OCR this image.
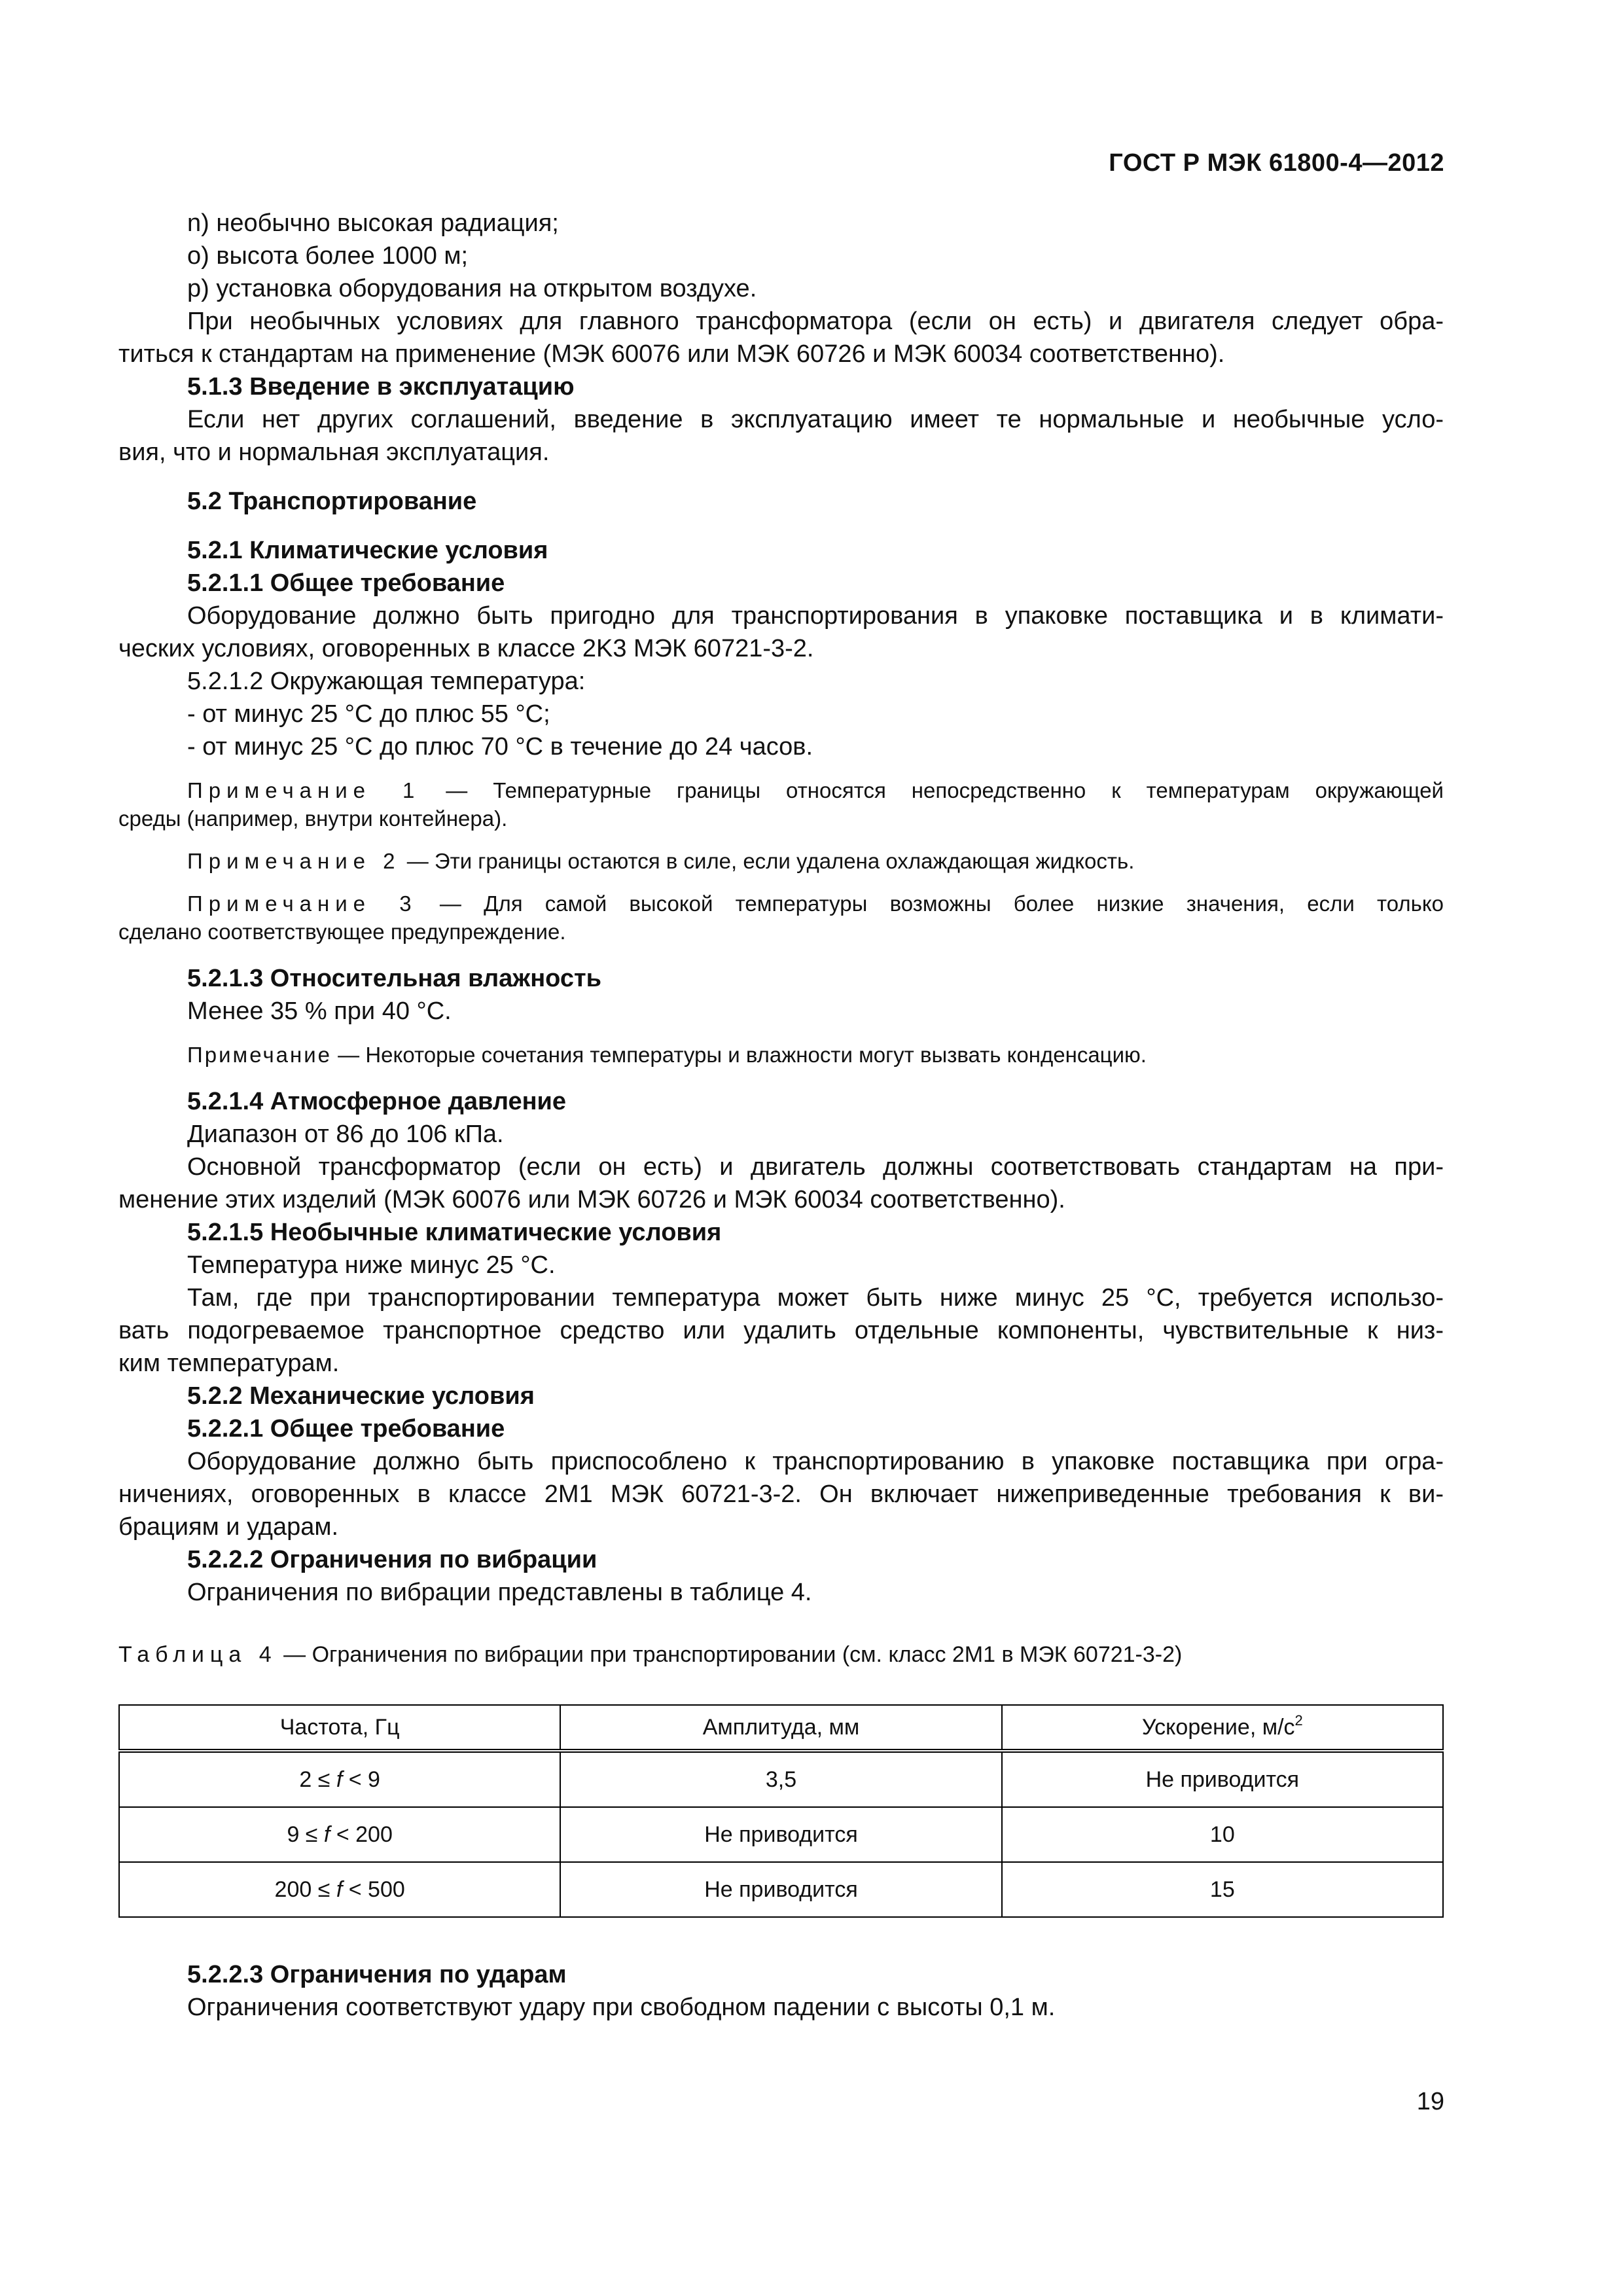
ГОСТ Р МЭК 61800-4—2012
n) необычно высокая радиация;
o) высота более 1000 м;
p) установка оборудования на открытом воздухе.
При необычных условиях для главного трансформатора (если он есть) и двигателя следует обра-
титься к стандартам на применение (МЭК 60076 или МЭК 60726 и МЭК 60034 соответственно).
5.1.3 Введение в эксплуатацию
Если нет других соглашений, введение в эксплуатацию имеет те нормальные и необычные усло-
вия, что и нормальная эксплуатация.
5.2 Транспортирование
5.2.1 Климатические условия
5.2.1.1 Общее требование
Оборудование должно быть пригодно для транспортирования в упаковке поставщика и в климати-
ческих условиях, оговоренных в классе 2K3 МЭК 60721-3-2.
5.2.1.2 Окружающая температура:
- от минус 25 °C до плюс 55 °C;
- от минус 25 °C до плюс 70 °C в течение до 24 часов.
Примечание 1 — Температурные границы относятся непосредственно к температурам окружающей
среды (например, внутри контейнера).
Примечание 2 — Эти границы остаются в силе, если удалена охлаждающая жидкость.
Примечание 3 — Для самой высокой температуры возможны более низкие значения, если только
сделано соответствующее предупреждение.
5.2.1.3 Относительная влажность
Менее 35 % при 40 °C.
Примечание — Некоторые сочетания температуры и влажности могут вызвать конденсацию.
5.2.1.4 Атмосферное давление
Диапазон от 86 до 106 кПа.
Основной трансформатор (если он есть) и двигатель должны соответствовать стандартам на при-
менение этих изделий (МЭК 60076 или МЭК 60726 и МЭК 60034 соответственно).
5.2.1.5 Необычные климатические условия
Температура ниже минус 25 °C.
Там, где при транспортировании температура может быть ниже минус 25 °C, требуется использо-
вать подогреваемое транспортное средство или удалить отдельные компоненты, чувствительные к низ-
ким температурам.
5.2.2 Механические условия
5.2.2.1 Общее требование
Оборудование должно быть приспособлено к транспортированию в упаковке поставщика при огра-
ничениях, оговоренных в классе 2M1 МЭК 60721-3-2. Он включает нижеприведенные требования к ви-
брациям и ударам.
5.2.2.2 Ограничения по вибрации
Ограничения по вибрации представлены в таблице 4.
Таблица 4 — Ограничения по вибрации при транспортировании (см. класс 2M1 в МЭК 60721-3-2)
Частота, Гц	Амплитуда, мм	Ускорение, $м/с^2$
2 ≤ f < 9	3,5	Не приводится
9 ≤ f < 200	Не приводится	10
200 ≤ f < 500	Не приводится	15
5.2.2.3 Ограничения по ударам
Ограничения соответствуют удару при свободном падении с высоты 0,1 м.
19
